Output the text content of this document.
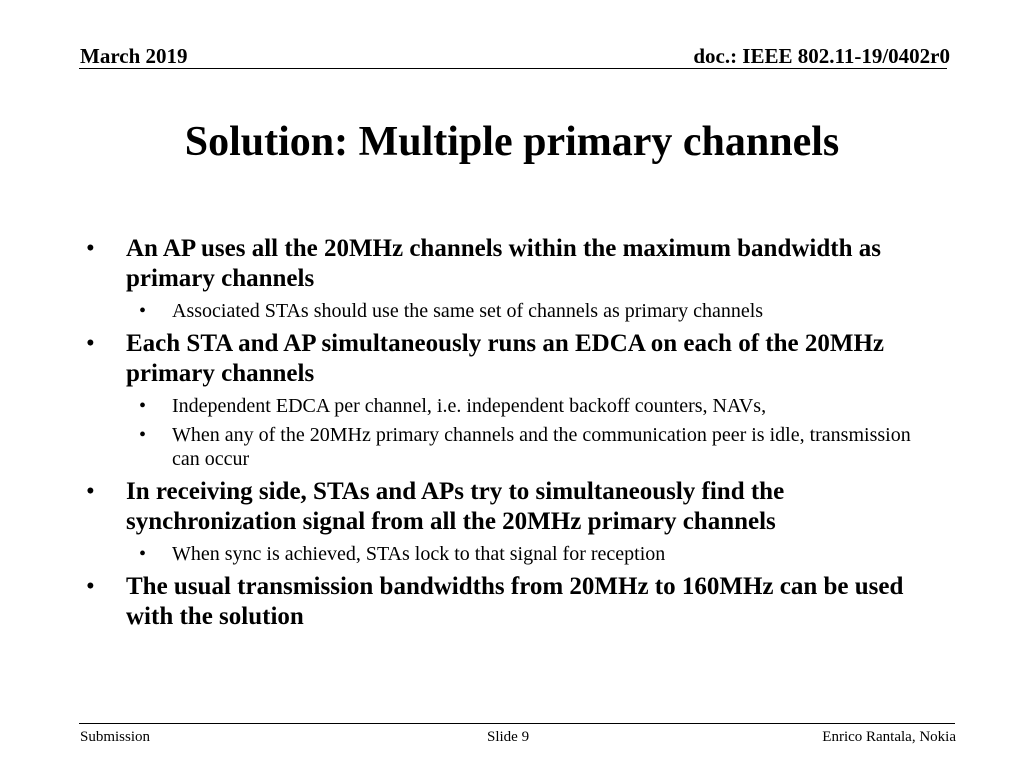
March 2019	doc.: IEEE 802.11-19/0402r0
Solution: Multiple primary channels
• An AP uses all the 20MHz channels within the maximum bandwidth as primary channels
• Associated STAs should use the same set of channels as primary channels
• Each STA and AP simultaneously runs an EDCA on each of the 20MHz primary channels
• Independent EDCA per channel, i.e. independent backoff counters, NAVs,
• When any of the 20MHz primary channels and the communication peer is idle, transmission can occur
• In receiving side, STAs and APs try to simultaneously find the synchronization signal from all the 20MHz primary channels
• When sync is achieved, STAs lock to that signal for reception
• The usual transmission bandwidths from 20MHz to 160MHz can be used with the solution
Submission	Slide 9	Enrico Rantala, Nokia
